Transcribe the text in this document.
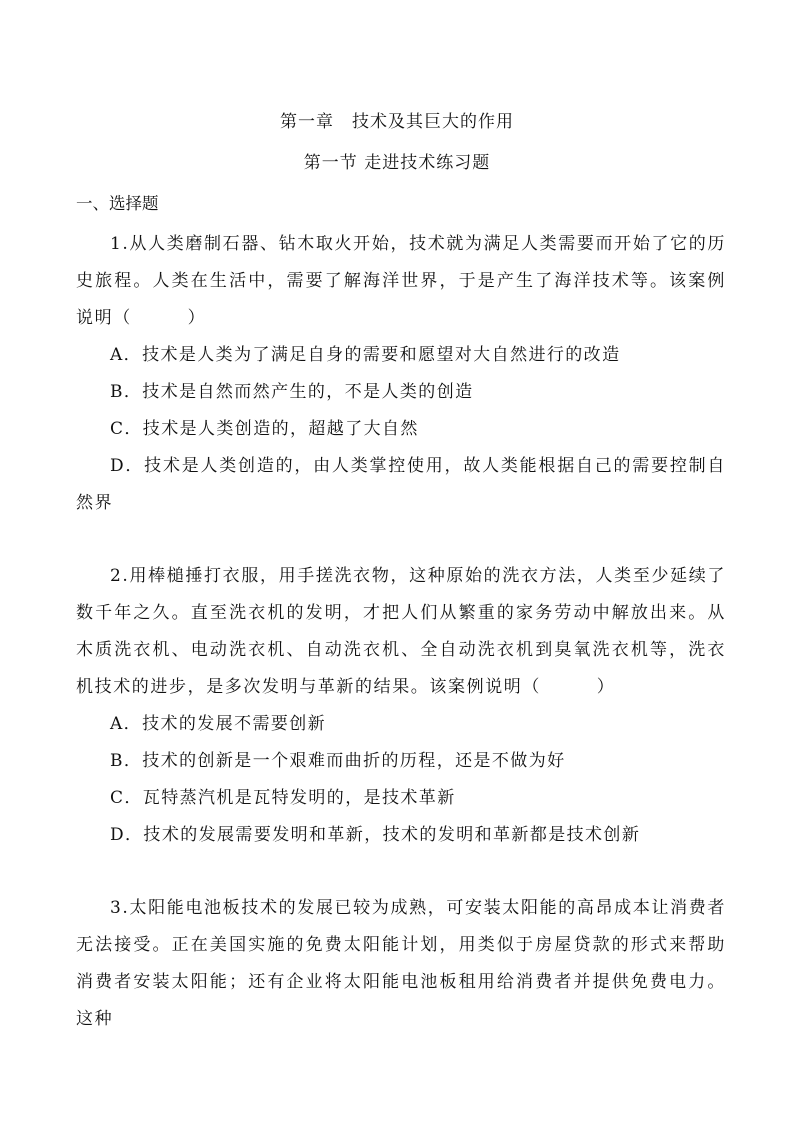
第一章　技术及其巨大的作用
第一节 走进技术练习题
一、选择题
1.从人类磨制石器、钻木取火开始，技术就为满足人类需要而开始了它的历史旅程。人类在生活中，需要了解海洋世界，于是产生了海洋技术等。该案例说明（　　　）
A．技术是人类为了满足自身的需要和愿望对大自然进行的改造
B．技术是自然而然产生的，不是人类的创造
C．技术是人类创造的，超越了大自然
D．技术是人类创造的，由人类掌控使用，故人类能根据自己的需要控制自然界
2.用棒槌捶打衣服，用手搓洗衣物，这种原始的洗衣方法，人类至少延续了数千年之久。直至洗衣机的发明，才把人们从繁重的家务劳动中解放出来。从木质洗衣机、电动洗衣机、自动洗衣机、全自动洗衣机到臭氧洗衣机等，洗衣机技术的进步，是多次发明与革新的结果。该案例说明（　　　）
A．技术的发展不需要创新
B．技术的创新是一个艰难而曲折的历程，还是不做为好
C．瓦特蒸汽机是瓦特发明的，是技术革新
D．技术的发展需要发明和革新，技术的发明和革新都是技术创新
3.太阳能电池板技术的发展已较为成熟，可安装太阳能的高昂成本让消费者无法接受。正在美国实施的免费太阳能计划，用类似于房屋贷款的形式来帮助消费者安装太阳能；还有企业将太阳能电池板租用给消费者并提供免费电力。这种
